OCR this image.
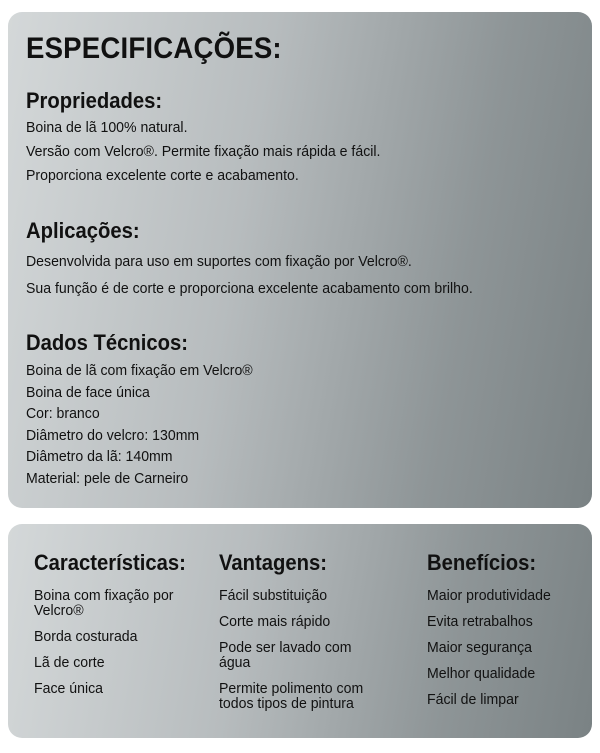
ESPECIFICAÇÕES:
Propriedades:
Boina de lã 100% natural.
Versão com Velcro®. Permite fixação mais rápida e fácil.
Proporciona excelente corte e acabamento.
Aplicações:
Desenvolvida para uso em suportes com fixação por Velcro®.
Sua função é de corte e proporciona excelente acabamento com brilho.
Dados Técnicos:
Boina de lã com fixação em Velcro®
Boina de face única
Cor: branco
Diâmetro do velcro: 130mm
Diâmetro da lã: 140mm
Material: pele de Carneiro
Características:
Boina com fixação por Velcro®
Borda costurada
Lã de corte
Face única
Vantagens:
Fácil substituição
Corte mais rápido
Pode ser lavado com água
Permite polimento com todos tipos de pintura
Benefícios:
Maior produtividade
Evita retrabalhos
Maior segurança
Melhor qualidade
Fácil de limpar
